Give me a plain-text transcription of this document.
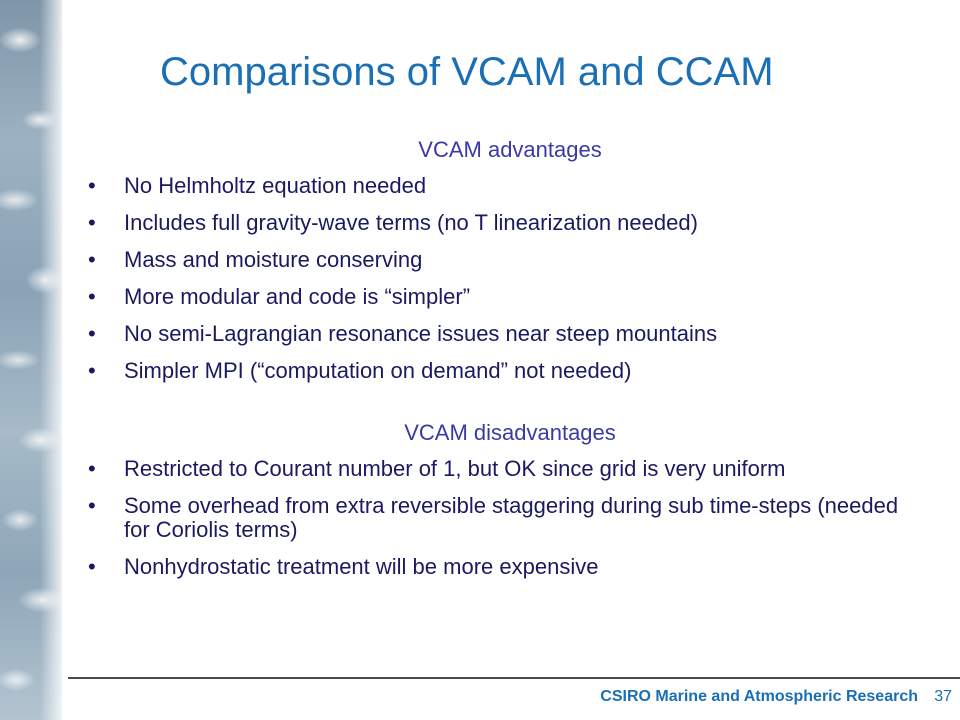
Comparisons of VCAM and CCAM
VCAM advantages
• No Helmholtz equation needed
• Includes full gravity-wave terms (no T linearization needed)
• Mass and moisture conserving
• More modular and code is “simpler”
• No semi-Lagrangian resonance issues near steep mountains
• Simpler MPI (“computation on demand” not needed)
VCAM disadvantages
• Restricted to Courant number of 1, but OK since grid is very uniform
• Some overhead from extra reversible staggering during sub time-steps (needed for Coriolis terms)
• Nonhydrostatic treatment will be more expensive
CSIRO Marine and Atmospheric Research 37
